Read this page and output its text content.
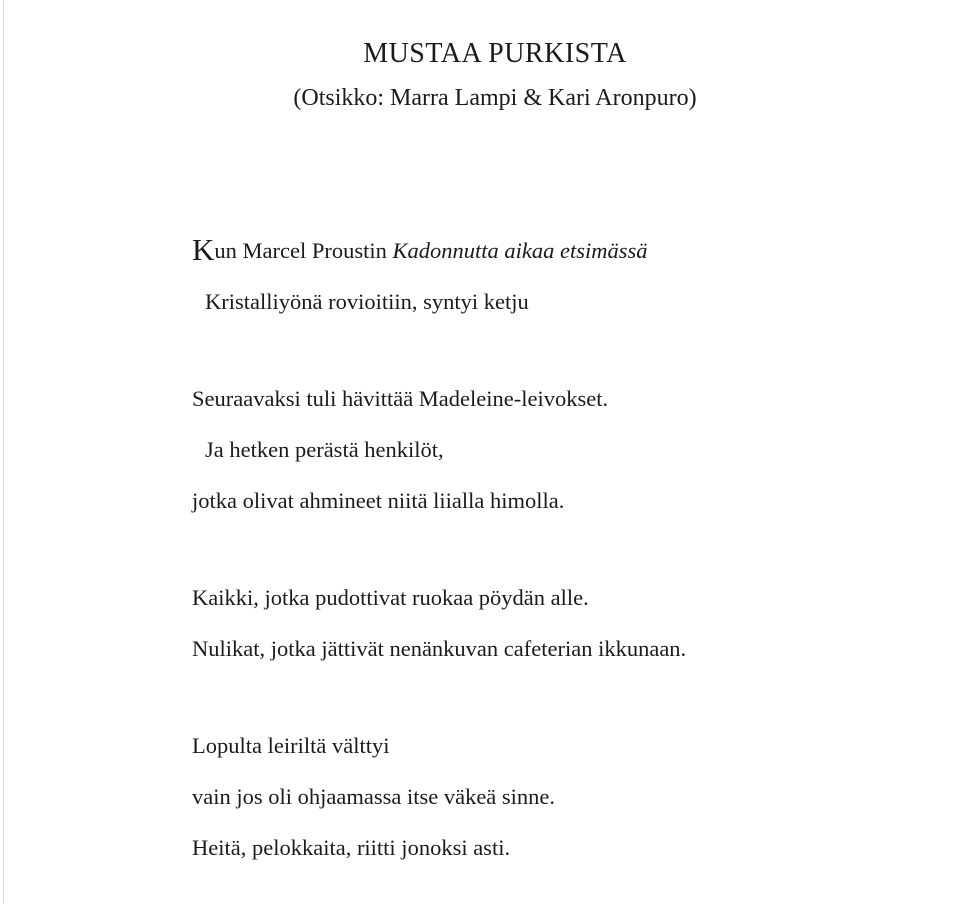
MUSTAA PURKISTA
(Otsikko: Marra Lampi & Kari Aronpuro)
Kun Marcel Proustin Kadonnutta aikaa etsimässä
Kristalliyönä rovioitiin, syntyi ketju
Seuraavaksi tuli hävittää Madeleine-leivokset.
Ja hetken perästä henkilöt,
jotka olivat ahmineet niitä liialla himolla.
Kaikki, jotka pudottivat ruokaa pöydän alle.
Nulikat, jotka jättivät nenänkuvan cafeterian ikkunaan.
Lopulta leiriltä välttyi
vain jos oli ohjaamassa itse väkeä sinne.
Heitä, pelokkaita, riitti jonoksi asti.
